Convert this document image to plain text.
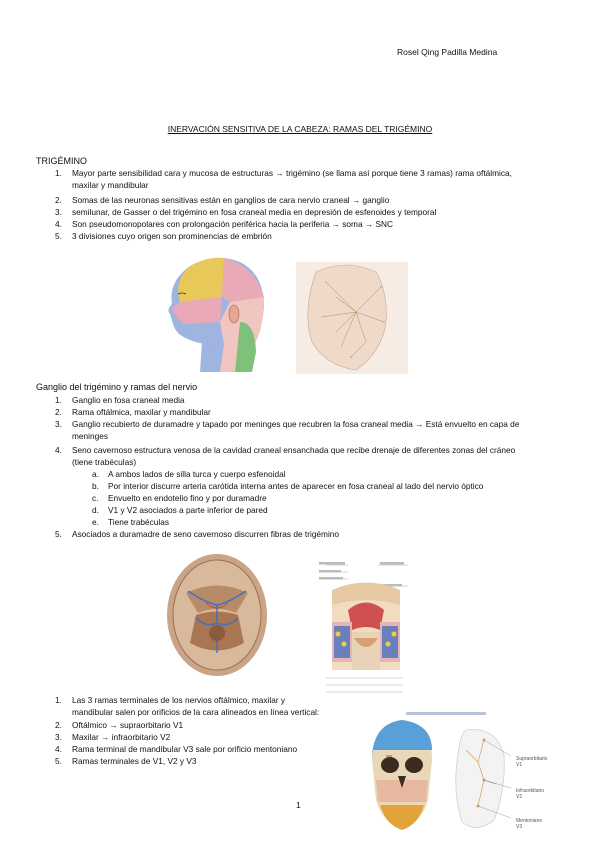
Rosel Qing Padilla Medina
INERVACIÓN SENSITIVA DE LA CABEZA: RAMAS DEL TRIGÉMINO
TRIGÉMINO
1. Mayor parte sensibilidad cara y mucosa de estructuras → trigémino (se llama así porque tiene 3 ramas) rama oftálmica,
maxilar y mandibular
2. Somas de las neuronas sensitivas están en ganglios de cara nervio craneal → ganglio
3. semilunar, de Gasser o del trigémino en fosa craneal media en depresión de esfenoides y temporal
4. Son pseudomonopolares con prolongación periférica hacia la periferia → soma → SNC
5. 3 divisiones cuyo origen son prominencias de embrión
Ganglio del trigémino y ramas del nervio
1. Ganglio en fosa craneal media
2. Rama oftálmica, maxilar y mandibular
3. Ganglio recubierto de duramadre y tapado por meninges que recubren la fosa craneal media → Está envuelto en capa de
meninges
4. Seno cavernoso estructura venosa de la cavidad craneal ensanchada que recibe drenaje de diferentes zonas del cráneo
(tiene trabéculas)
a. A ambos lados de silla turca y cuerpo esfenoidal
b. Por interior discurre arteria carótida interna antes de aparecer en fosa craneal al lado del nervio óptico
c. Envuelto en endotelio fino y por duramadre
d. V1 y V2 asociados a parte inferior de pared
e. Tiene trabéculas
5. Asociados a duramadre de seno cavernoso discurren fibras de trigémino
1. Las 3 ramas terminales de los nervios oftálmico, maxilar y
mandibular salen por orificios de la cara alineados en línea vertical:
2. Oftálmico → supraorbitario V1
3. Maxilar → infraorbitario V2
4. Rama terminal de mandibular V3 sale por orificio mentoniano
5. Ramas terminales de V1, V2 y V3	Supraorbitario
V1
Infraorbitario
V2
Mentoniano
V3
1
